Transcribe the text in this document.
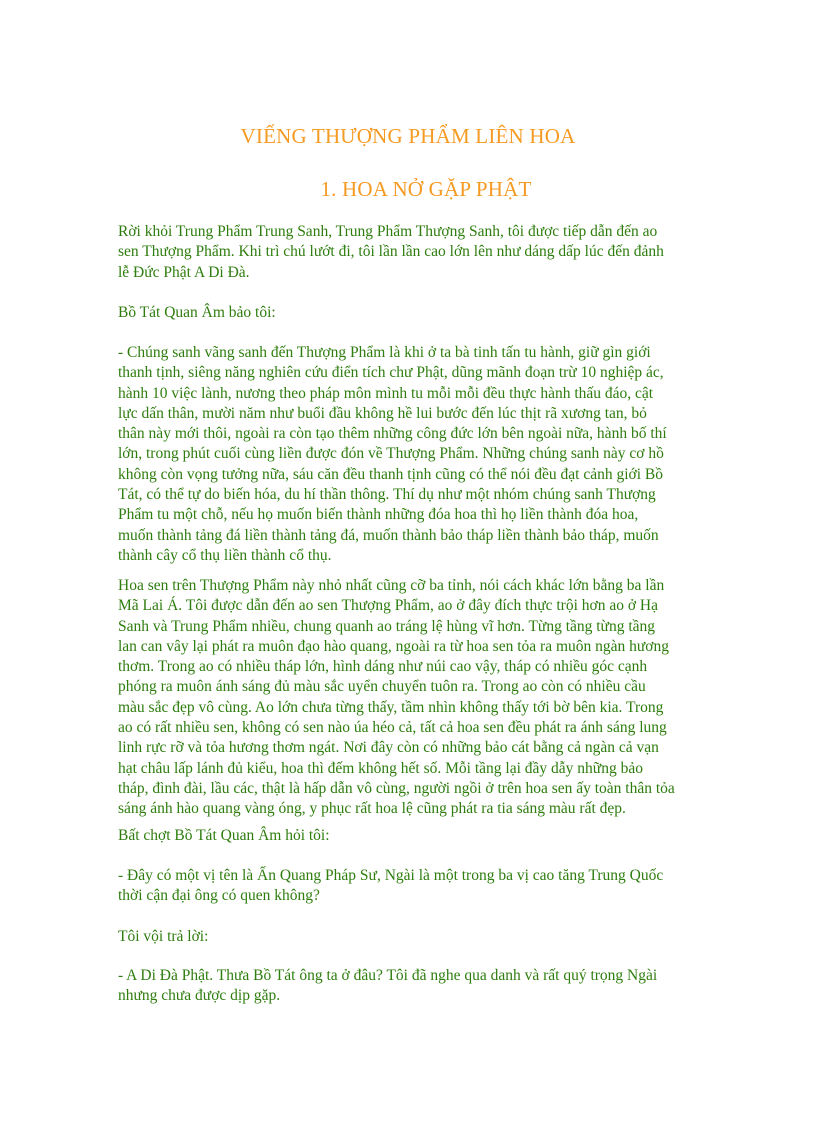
VIẾNG THƯỢNG PHẨM LIÊN HOA
1. HOA NỞ GẶP PHẬT

Rời khỏi Trung Phẩm Trung Sanh, Trung Phẩm Thượng Sanh, tôi được tiếp dẫn đến ao
sen Thượng Phẩm. Khi trì chú lướt đi, tôi lần lần cao lớn lên như dáng dấp lúc đến đảnh
lễ Đức Phật A Di Đà.

Bồ Tát Quan Âm bảo tôi:

- Chúng sanh vãng sanh đến Thượng Phẩm là khi ở ta bà tinh tấn tu hành, giữ gìn giới
thanh tịnh, siêng năng nghiên cứu điển tích chư Phật, dũng mãnh đoạn trừ 10 nghiệp ác,
hành 10 việc lành, nương theo pháp môn mình tu mỗi mỗi đều thực hành thấu đáo, cật
lực dấn thân, mười năm như buổi đầu không hề lui bước đến lúc thịt rã xương tan, bỏ
thân này mới thôi, ngoài ra còn tạo thêm những công đức lớn bên ngoài nữa, hành bố thí
lớn, trong phút cuối cùng liền được đón về Thượng Phẩm. Những chúng sanh này cơ hồ
không còn vọng tưởng nữa, sáu căn đều thanh tịnh cũng có thể nói đều đạt cảnh giới Bồ
Tát, có thể tự do biến hóa, du hí thần thông. Thí dụ như một nhóm chúng sanh Thượng
Phẩm tu một chỗ, nếu họ muốn biến thành những đóa hoa thì họ liền thành đóa hoa,
muốn thành tảng đá liền thành tảng đá, muốn thành bảo tháp liền thành bảo tháp, muốn
thành cây cổ thụ liền thành cổ thụ.

Hoa sen trên Thượng Phẩm này nhỏ nhất cũng cỡ ba tỉnh, nói cách khác lớn bằng ba lần
Mã Lai Á. Tôi được dẫn đến ao sen Thượng Phẩm, ao ở đây đích thực trội hơn ao ở Hạ
Sanh và Trung Phẩm nhiều, chung quanh ao tráng lệ hùng vĩ hơn. Từng tầng từng tầng
lan can vây lại phát ra muôn đạo hào quang, ngoài ra từ hoa sen tỏa ra muôn ngàn hương
thơm. Trong ao có nhiều tháp lớn, hình dáng như núi cao vậy, tháp có nhiều góc cạnh
phóng ra muôn ánh sáng đủ màu sắc uyển chuyển tuôn ra. Trong ao còn có nhiều cầu
màu sắc đẹp vô cùng. Ao lớn chưa từng thấy, tầm nhìn không thấy tới bờ bên kia. Trong
ao có rất nhiều sen, không có sen nào úa héo cả, tất cả hoa sen đều phát ra ánh sáng lung
linh rực rỡ và tỏa hương thơm ngát. Nơi đây còn có những bảo cát bằng cả ngàn cả vạn
hạt châu lấp lánh đủ kiểu, hoa thì đếm không hết số. Mỗi tầng lại đầy dẫy những bảo
tháp, đình đài, lầu các, thật là hấp dẫn vô cùng, người ngồi ở trên hoa sen ấy toàn thân tỏa
sáng ánh hào quang vàng óng, y phục rất hoa lệ cũng phát ra tia sáng màu rất đẹp.

Bất chợt Bồ Tát Quan Âm hỏi tôi:

- Đây có một vị tên là Ấn Quang Pháp Sư, Ngài là một trong ba vị cao tăng Trung Quốc
thời cận đại ông có quen không?

Tôi vội trả lời:

- A Di Đà Phật. Thưa Bồ Tát ông ta ở đâu? Tôi đã nghe qua danh và rất quý trọng Ngài
nhưng chưa được dịp gặp.
